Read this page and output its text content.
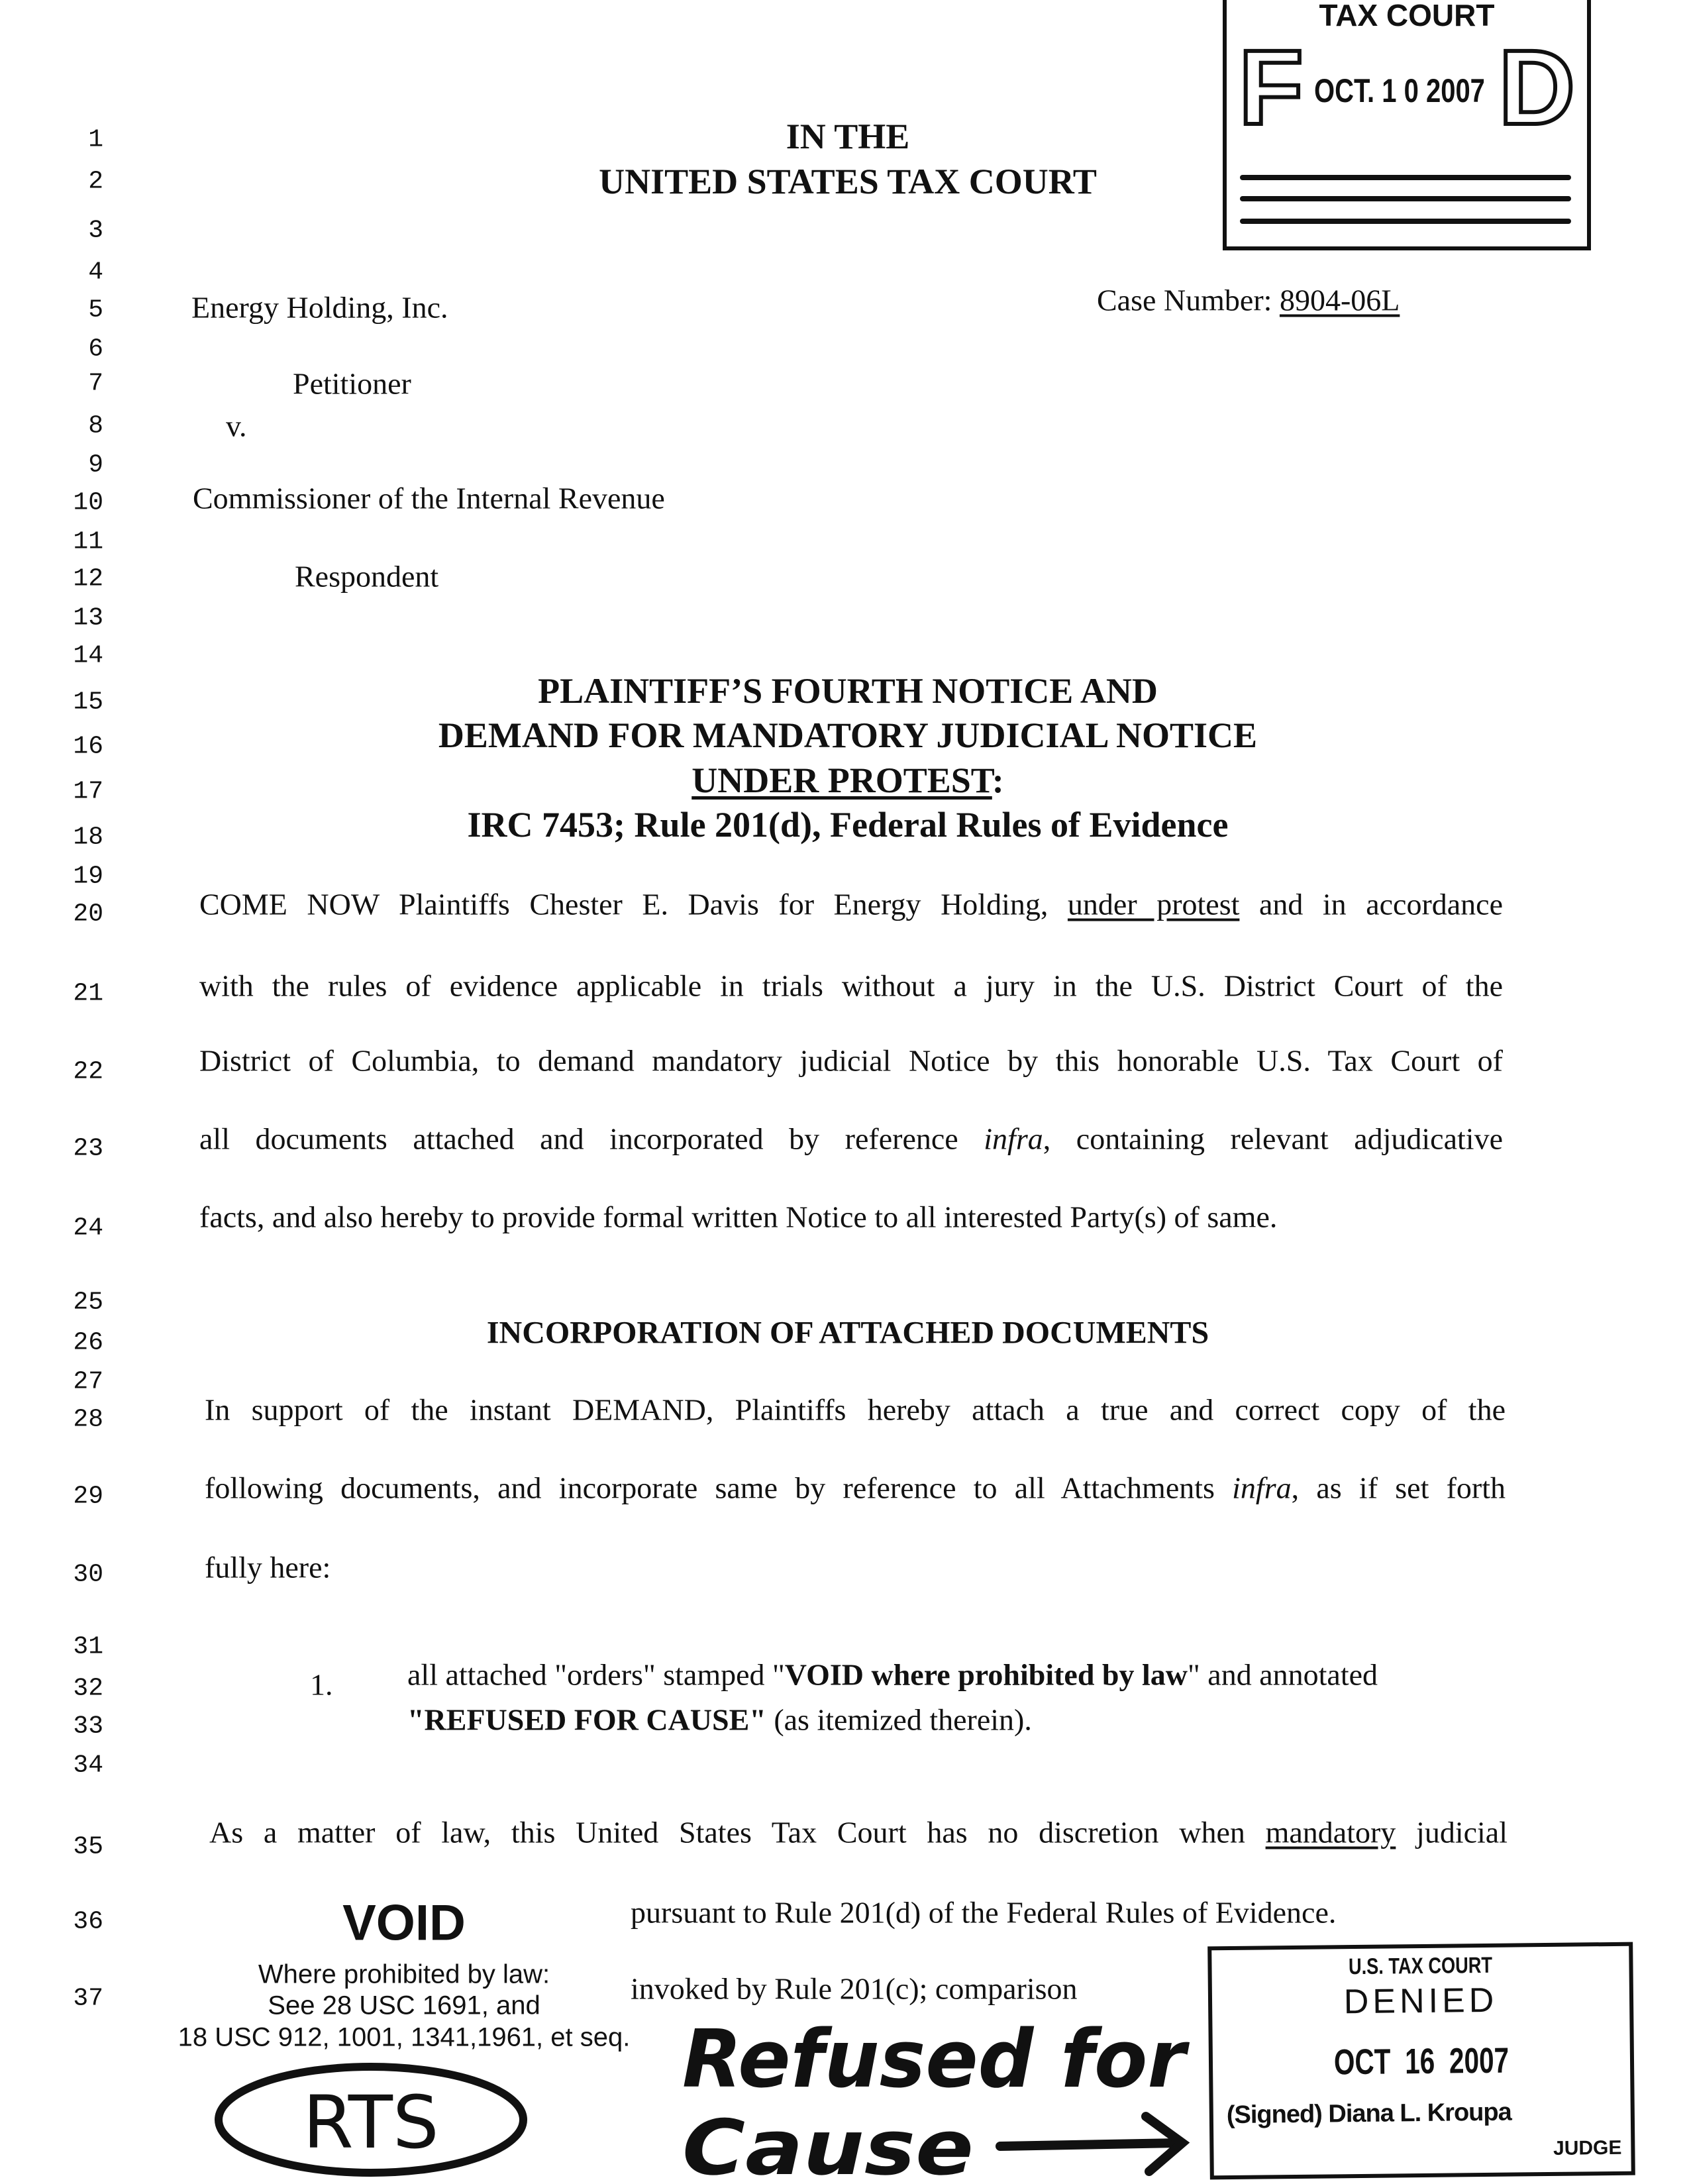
1
2
3
4
5
6
7
8
9
10
11
12
13
14
15
16
17
18
19
20
21
22
23
24
25
26
27
28
29
30
31
32
33
34
35
36
37
IN THE
UNITED STATES TAX COURT
Energy Holding, Inc.	Case Number: 8904-06L
Petitioner
v.
Commissioner of the Internal Revenue
Respondent
PLAINTIFF’S FOURTH NOTICE AND
DEMAND FOR MANDATORY JUDICIAL NOTICE
UNDER PROTEST:
IRC 7453; Rule 201(d), Federal Rules of Evidence
COME NOW Plaintiffs Chester E. Davis for Energy Holding, under protest and in accordance
with the rules of evidence applicable in trials without a jury in the U.S. District Court of the
District of Columbia, to demand mandatory judicial Notice by this honorable U.S. Tax Court of
all documents attached and incorporated by reference infra, containing relevant adjudicative
facts, and also hereby to provide formal written Notice to all interested Party(s) of same.
INCORPORATION OF ATTACHED DOCUMENTS
In support of the instant DEMAND, Plaintiffs hereby attach a true and correct copy of the
following documents, and incorporate same by reference to all Attachments infra, as if set forth
fully here:
1. all attached "orders" stamped "VOID where prohibited by law" and annotated
"REFUSED FOR CAUSE" (as itemized therein).
As a matter of law, this United States Tax Court has no discretion when mandatory judicial
pursuant to Rule 201(d) of the Federal Rules of Evidence.
invoked by Rule 201(c); comparison
VOID
Where prohibited by law:
See 28 USC 1691, and
18 USC 912, 1001, 1341,1961, et seq.
TAX COURT
F D
OCT. 1 0 2007
U.S. TAX COURT
DENIED
OCT 16 2007
(Signed) Diana L. Kroupa
JUDGE
Refused for
Cause
RTS
